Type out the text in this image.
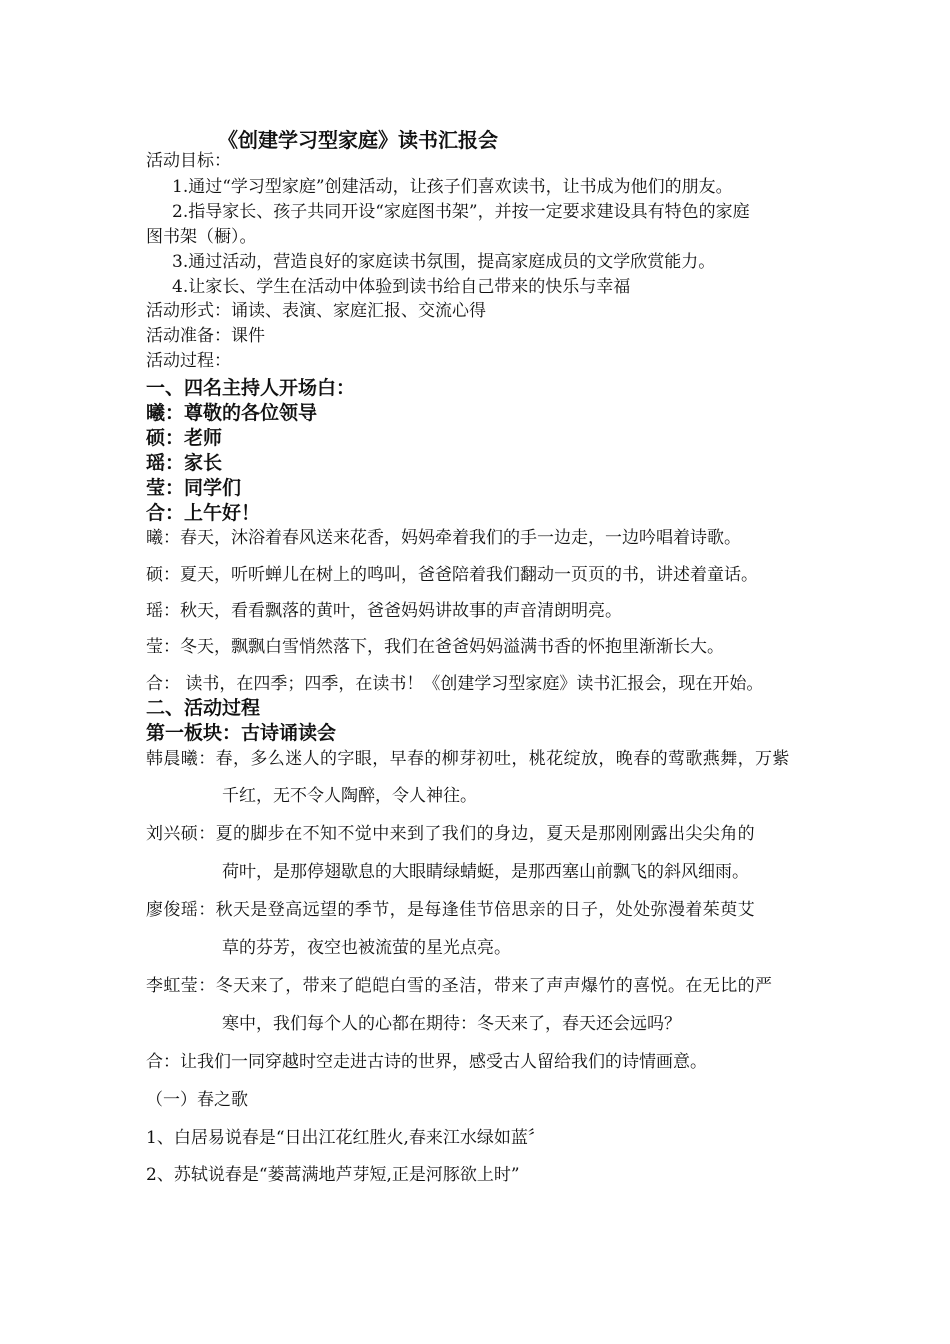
《创建学习型家庭》读书汇报会
活动目标：
1.通过“学习型家庭”创建活动，让孩子们喜欢读书，让书成为他们的朋友。
2.指导家长、孩子共同开设“家庭图书架”，并按一定要求建设具有特色的家庭
图书架（橱）。
3.通过活动，营造良好的家庭读书氛围，提高家庭成员的文学欣赏能力。
4.让家长、学生在活动中体验到读书给自己带来的快乐与幸福
活动形式：诵读、表演、家庭汇报、交流心得
活动准备：课件
活动过程：
一、四名主持人开场白：
曦：尊敬的各位领导
硕：老师
瑶：家长
莹：同学们
合：上午好！
曦：春天，沐浴着春风送来花香，妈妈牵着我们的手一边走，一边吟唱着诗歌。
硕：夏天，听听蝉儿在树上的鸣叫，爸爸陪着我们翻动一页页的书，讲述着童话。
瑶：秋天，看看飘落的黄叶，爸爸妈妈讲故事的声音清朗明亮。
莹：冬天，飘飘白雪悄然落下，我们在爸爸妈妈溢满书香的怀抱里渐渐长大。
合： 读书，在四季；四季，在读书！《创建学习型家庭》读书汇报会，现在开始。
二、活动过程
第一板块：古诗诵读会
韩晨曦：春，多么迷人的字眼，早春的柳芽初吐，桃花绽放，晚春的莺歌燕舞，万紫
千红，无不令人陶醉，令人神往。
刘兴硕：夏的脚步在不知不觉中来到了我们的身边，夏天是那刚刚露出尖尖角的
荷叶，是那停翅歇息的大眼睛绿蜻蜓，是那西塞山前飘飞的斜风细雨。
廖俊瑶：秋天是登高远望的季节，是每逢佳节倍思亲的日子，处处弥漫着茱萸艾
草的芬芳，夜空也被流萤的星光点亮。
李虹莹：冬天来了，带来了皑皑白雪的圣洁，带来了声声爆竹的喜悦。在无比的严
寒中，我们每个人的心都在期待：冬天来了，春天还会远吗？
合：让我们一同穿越时空走进古诗的世界，感受古人留给我们的诗情画意。
（一）春之歌
1、白居易说春是“日出江花红胜火,春来江水绿如蓝〞
2、苏轼说春是“蒌蒿满地芦芽短,正是河豚欲上时”
